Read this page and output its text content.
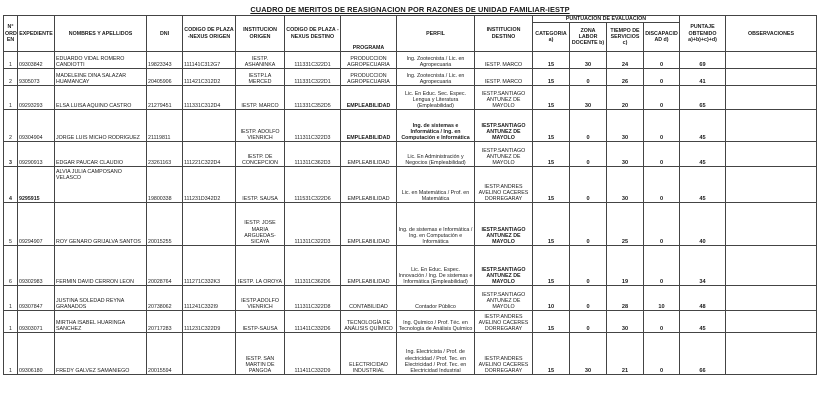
CUADRO DE MERITOS DE REASIGNACION POR RAZONES DE UNIDAD FAMILIAR-IESTP
N° ORD EN	EXPEDIENTE	NOMBRES Y APELLIDOS	DNI	CODIGO DE PLAZA -NEXUS ORIGEN	INSTITUCION ORIGEN	CODIGO DE PLAZA - NEXUS DESTINO	PROGRAMA	PERFIL	INSTITUCION DESTINO	PUNTUACION DE EVALUACION				PUNTAJE OBTENIDO a)+b)+c)+d)	OBSERVACIONES
										CATEGORIA a)	ZONA LABOR DOCENTE b)	TIEMPO DE SERVICIOS c)	DISCAPACID AD d)		
1	09303842	EDUARDO VIDAL ROMERO CANDIOTTI	19823343	111141C312G7	IESTP. ASHANINKA	111331C322D1	PRODUCCION AGROPECUARIA	Ing. Zootecnista / Lic. en Agropecuaria	IESTP. MARCO	15	30	24	0	69	
2	9305073	MADELEINE DINA SALAZAR HUAMANCAY	20405906	111421C312D2	IESTP.LA MERCED	111331C322D1	PRODUCCION AGROPECUARIA	Ing. Zootecnista / Lic. en Agropecuaria	IESTP. MARCO	15	0	26	0	41	
1	09293293	ELSA LUISA AQUINO CASTRO	21279451	111331C312D4	IESTP. MARCO	111331C352D5	EMPLEABILIDAD	Lic. En Educ. Sec. Espec. Lengua y Literatura (Empleabilidad)	IESTP.SANTIAGO ANTUNEZ DE MAYOLO	15	30	20	0	65	
2	09304904	JORGE LUIS MICHO RODRIGUEZ	21119811		IESTP. ADOLFO VIENRICH	111311C322D3	EMPLEABILIDAD	Ing. de sistemas e Informática / Ing. en Computación e Informática	IESTP.SANTIAGO ANTUNEZ DE MAYOLO	15	0	30	0	45	
3	09290913	EDGAR PAUCAR CLAUDIO	23261163	111221C322D4	IESTP. DE CONCEPCION	111311C362D3	EMPLEABILIDAD	Lic. En Administración y Negocios (Empleabilidad)	IESTP.SANTIAGO ANTUNEZ DE MAYOLO	15	0	30	0	45	
4	9295915	ALVIA JULIA CAMPOSANO VELASCO	19800338	111231D342D2	IESTP. SAUSA	111531C322D6	EMPLEABILIDAD	Lic. en Matemática / Prof. en Matemática	IESTP.ANDRES AVELINO CACERES DORREGARAY	15	0	30	0	45	
5	09294907	ROY GENARO GRIJALVA SANTOS	20015255		IESTP. JOSE MARIA ARGUEDAS-SICAYA	111311C322D3	EMPLEABILIDAD	Ing. de sistemas e Informática / Ing. en Computación e Informática	IESTP.SANTIAGO ANTUNEZ DE MAYOLO	15	0	25	0	40	
6	09302983	FERMIN DAVID CERRON LEON	20028764	111271C332K3	IESTP. LA OROYA	111311C362D6	EMPLEABILIDAD	Lic. En Educ. Espec. Innovación / Ing. De sistemas e Informática (Empleabilidad)	IESTP.SANTIAGO ANTUNEZ DE MAYOLO	15	0	19	0	34	
1	09307847	JUSTINA SOLEDAD REYNA GRANADOS	20738062	111241C332I9	IESTP.ADOLFO VIENRICH	111311C322D8	CONTABILIDAD	Contador Público	IESTP.SANTIAGO ANTUNEZ DE MAYOLO	10	0	28	10	48	
1	09303071	MIRTHA ISABEL HUARINGA SANCHEZ	20717283	111231C322D9	IESTP-SAUSA	111411C332D6	TECNOLOGÍA DE ANÁLISIS QUÍMICO	Ing. Químico / Prof. Téc. en Tecnología de Análisis Químico	IESTP.ANDRES AVELINO CACERES DORREGARAY	15	0	30	0	45	
1	09306180	FREDY GALVEZ SAMANIEGO	20015594		IESTP. SAN MARTIN DE PANGOA	111411C332D9	ELECTRICIDAD INDUSTRIAL	Ing. Electricista / Prof. de electricidad / Prof. Tec. en Electricidad / Prof. Tec. en Electricidad Industrial	IESTP.ANDRES AVELINO CACERES DORREGARAY	15	30	21	0	66	
